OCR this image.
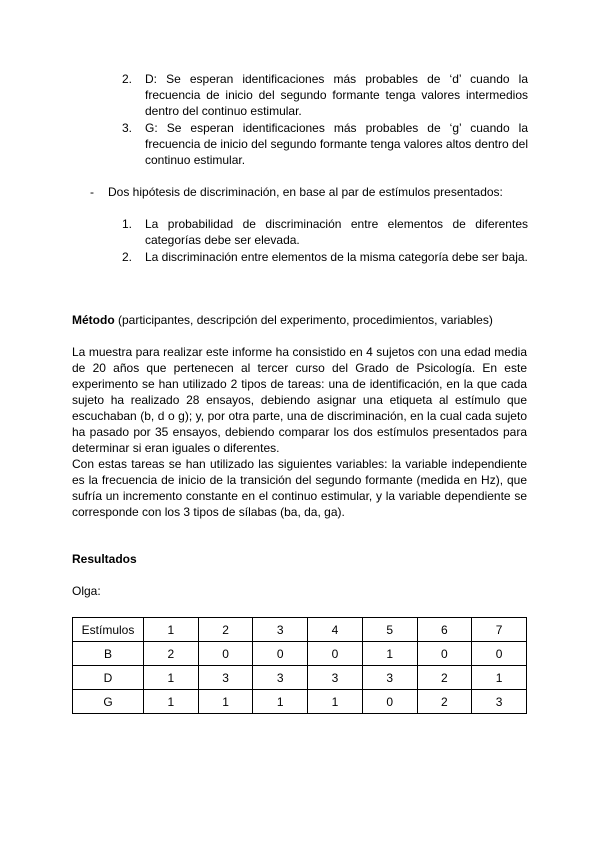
2.	D: Se esperan identificaciones más probables de ‘d’ cuando la frecuencia de inicio del segundo formante tenga valores intermedios dentro del continuo estimular.
3.	G: Se esperan identificaciones más probables de ‘g’ cuando la frecuencia de inicio del segundo formante tenga valores altos dentro del continuo estimular.
- Dos hipótesis de discriminación, en base al par de estímulos presentados:
1.	La probabilidad de discriminación entre elementos de diferentes categorías debe ser elevada.
2.	La discriminación entre elementos de la misma categoría debe ser baja.
Método (participantes, descripción del experimento, procedimientos, variables)
La muestra para realizar este informe ha consistido en 4 sujetos con una edad media de 20 años que pertenecen al tercer curso del Grado de Psicología. En este experimento se han utilizado 2 tipos de tareas: una de identificación, en la que cada sujeto ha realizado 28 ensayos, debiendo asignar una etiqueta al estímulo que escuchaban (b, d o g); y, por otra parte, una de discriminación, en la cual cada sujeto ha pasado por 35 ensayos, debiendo comparar los dos estímulos presentados para determinar si eran iguales o diferentes.
Con estas tareas se han utilizado las siguientes variables: la variable independiente es la frecuencia de inicio de la transición del segundo formante (medida en Hz), que sufría un incremento constante en el continuo estimular, y la variable dependiente se corresponde con los 3 tipos de sílabas (ba, da, ga).
Resultados
Olga:
Estímulos	1	2	3	4	5	6	7
B	2	0	0	0	1	0	0
D	1	3	3	3	3	2	1
G	1	1	1	1	0	2	3
